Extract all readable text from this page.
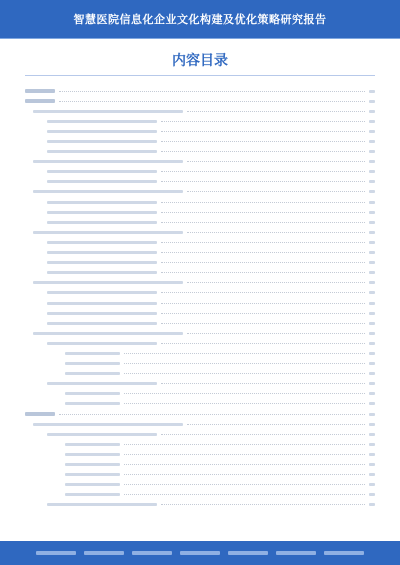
智慧医院信息化企业文化构建及优化策略研究报告
内容目录
